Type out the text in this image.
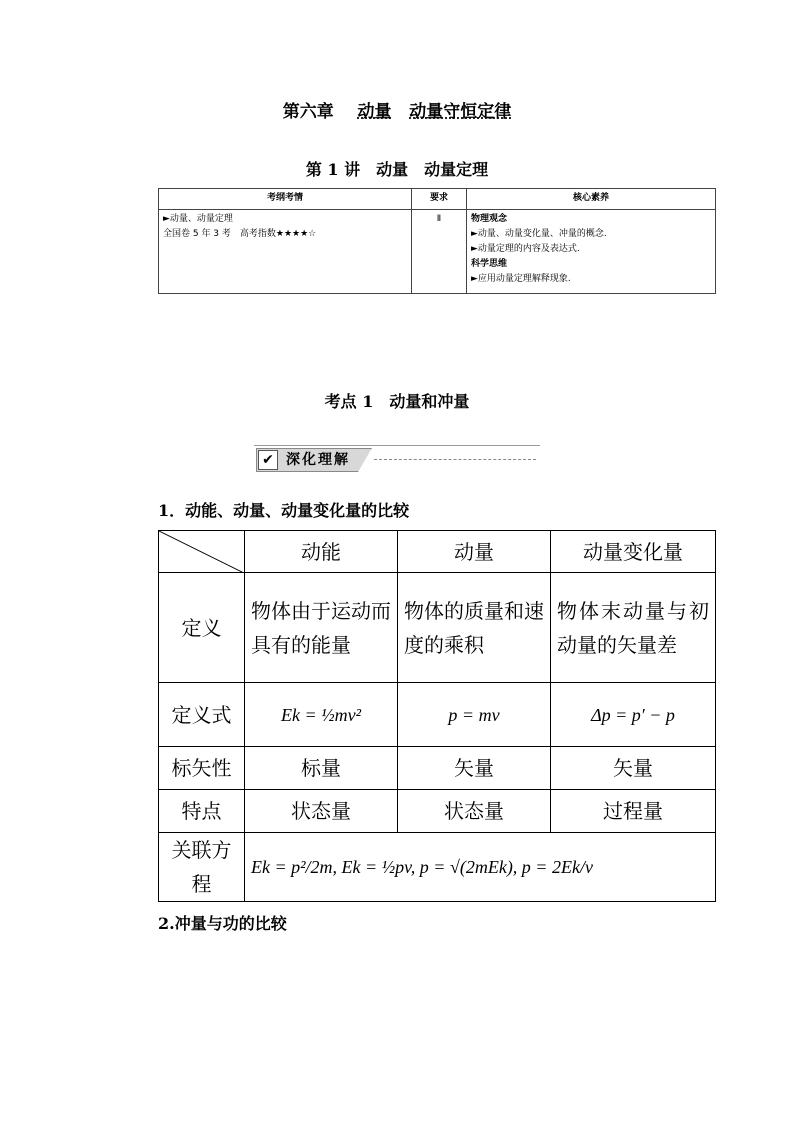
第六章 动量 动量守恒定律
第 1 讲　动量　动量定理
考纲考情	要求	核心素养

►动量、动量定理
全国卷 5 年 3 考　高考指数★★★★☆	Ⅱ	物理观念
►动量、动量变化量、冲量的概念.
►动量定理的内容及表达式.
科学思维
►应用动量定理解释现象.
考点 1　动量和冲量
✔ 深化理解
1．动能、动量、动量变化量的比较
	动能	动量	动量变化量
定义	物体由于运动而具有的能量	物体的质量和速度的乘积	物体末动量与初动量的矢量差
定义式	Ek = ½mv²	p = mv	Δp = p′ − p
标矢性	标量	矢量	矢量
特点	状态量	状态量	过程量
关联方程	Ek = p²/2m, Ek = ½pv, p = √(2mEk), p = 2Ek/v		
2.冲量与功的比较
